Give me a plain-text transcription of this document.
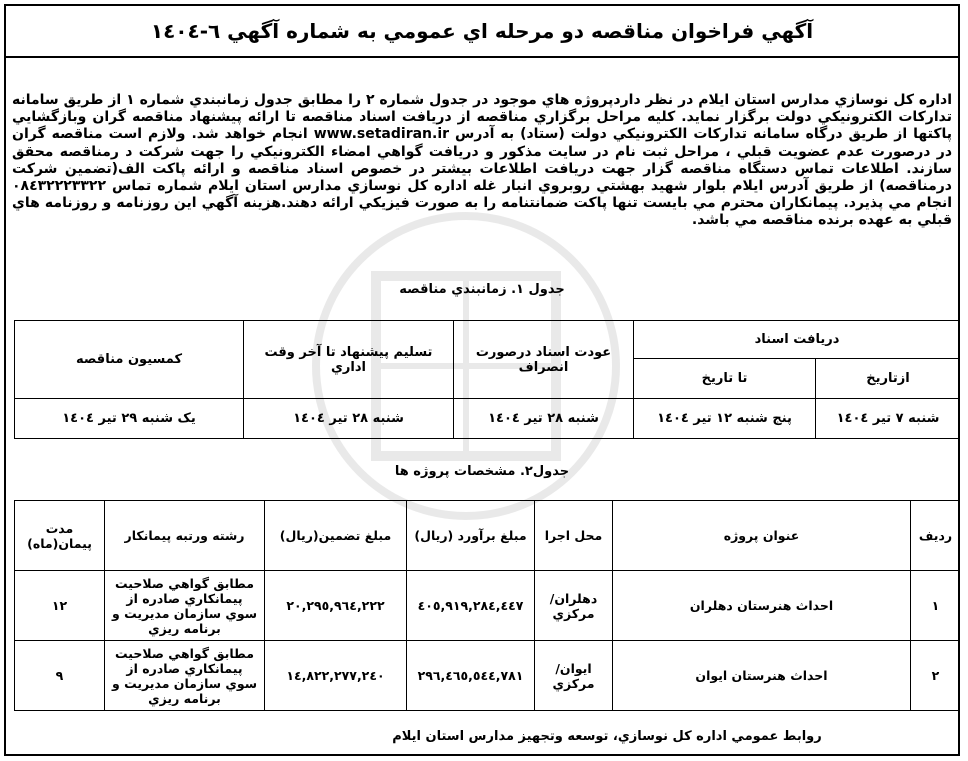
آگهي فراخوان مناقصه دو مرحله اي عمومي به شماره آگهي ٦-١٤٠٤

اداره كل نوسازي مدارس استان ايلام در نظر داردپروژه هاي موجود در جدول شماره ٢ را مطابق جدول زمانبندي شماره ١ از طريق سامانه تداركات الكترونيكي دولت برگزار نمايد. كليه مراحل برگزاري مناقصه از دريافت اسناد مناقصه تا ارائه پيشنهاد مناقصه گران وبازگشايي پاكتها از طريق درگاه سامانه تداركات الكترونيكي دولت (ستاد) به آدرس www.setadiran.ir انجام خواهد شد. ولازم است مناقصه گران در درصورت عدم عضويت قبلي ، مراحل ثبت نام در سايت مذكور و دريافت گواهي امضاء الكترونيكي را جهت شركت د رمناقصه محقق سازند. اطلاعات تماس دستگاه مناقصه گزار جهت دريافت اطلاعات بيشتر در خصوص اسناد مناقصه و ارائه پاكت الف(تضمين شركت درمناقصه) از طريق آدرس ايلام بلوار شهيد بهشتي روبروي انبار غله اداره كل نوسازي مدارس استان ايلام شماره تماس ٠٨٤٣٢٢٢٣٣٢٢ انجام مي پذيرد. پيمانكاران محترم مي بايست تنها پاكت ضمانتنامه را به صورت فيزيكي ارائه دهند.هزينه آگهي اين روزنامه و روزنامه هاي قبلي به عهده برنده مناقصه مي باشد.

جدول ١. زمانبندي مناقصه

دريافت اسناد		عودت اسناد درصورت انصراف	تسليم پيشنهاد تا آخر وقت اداري	كمسيون مناقصه
ازتاريخ	تا تاريخ			
شنبه ٧ تير ١٤٠٤	پنج شنبه ١٢ تير ١٤٠٤	شنبه ٢٨ تير ١٤٠٤	شنبه ٢٨ تير ١٤٠٤	يک شنبه ٢٩ تير ١٤٠٤

جدول٢. مشخصات پروژه ها

رديف	عنوان پروژه	محل اجرا	مبلغ برآورد (ريال)	مبلغ تضمين(ريال)	رشته ورتبه پيمانكار	مدت پيمان(ماه)
١	احداث هنرستان دهلران	دهلران/مركزي	٤٠٥,٩١٩,٢٨٤,٤٤٧	٢٠,٢٩٥,٩٦٤,٢٢٢	مطابق گواهي صلاحيت پيمانكاري صادره از سوي سازمان مديريت و برنامه ريزي	١٢
٢	احداث هنرستان ايوان	ايوان/مركزي	٢٩٦,٤٦٥,٥٤٤,٧٨١	١٤,٨٢٢,٢٧٧,٢٤٠	مطابق گواهي صلاحيت پيمانكاري صادره از سوي سازمان مديريت و برنامه ريزي	٩

روابط عمومي اداره كل نوسازي، توسعه وتجهيز مدارس استان ايلام
